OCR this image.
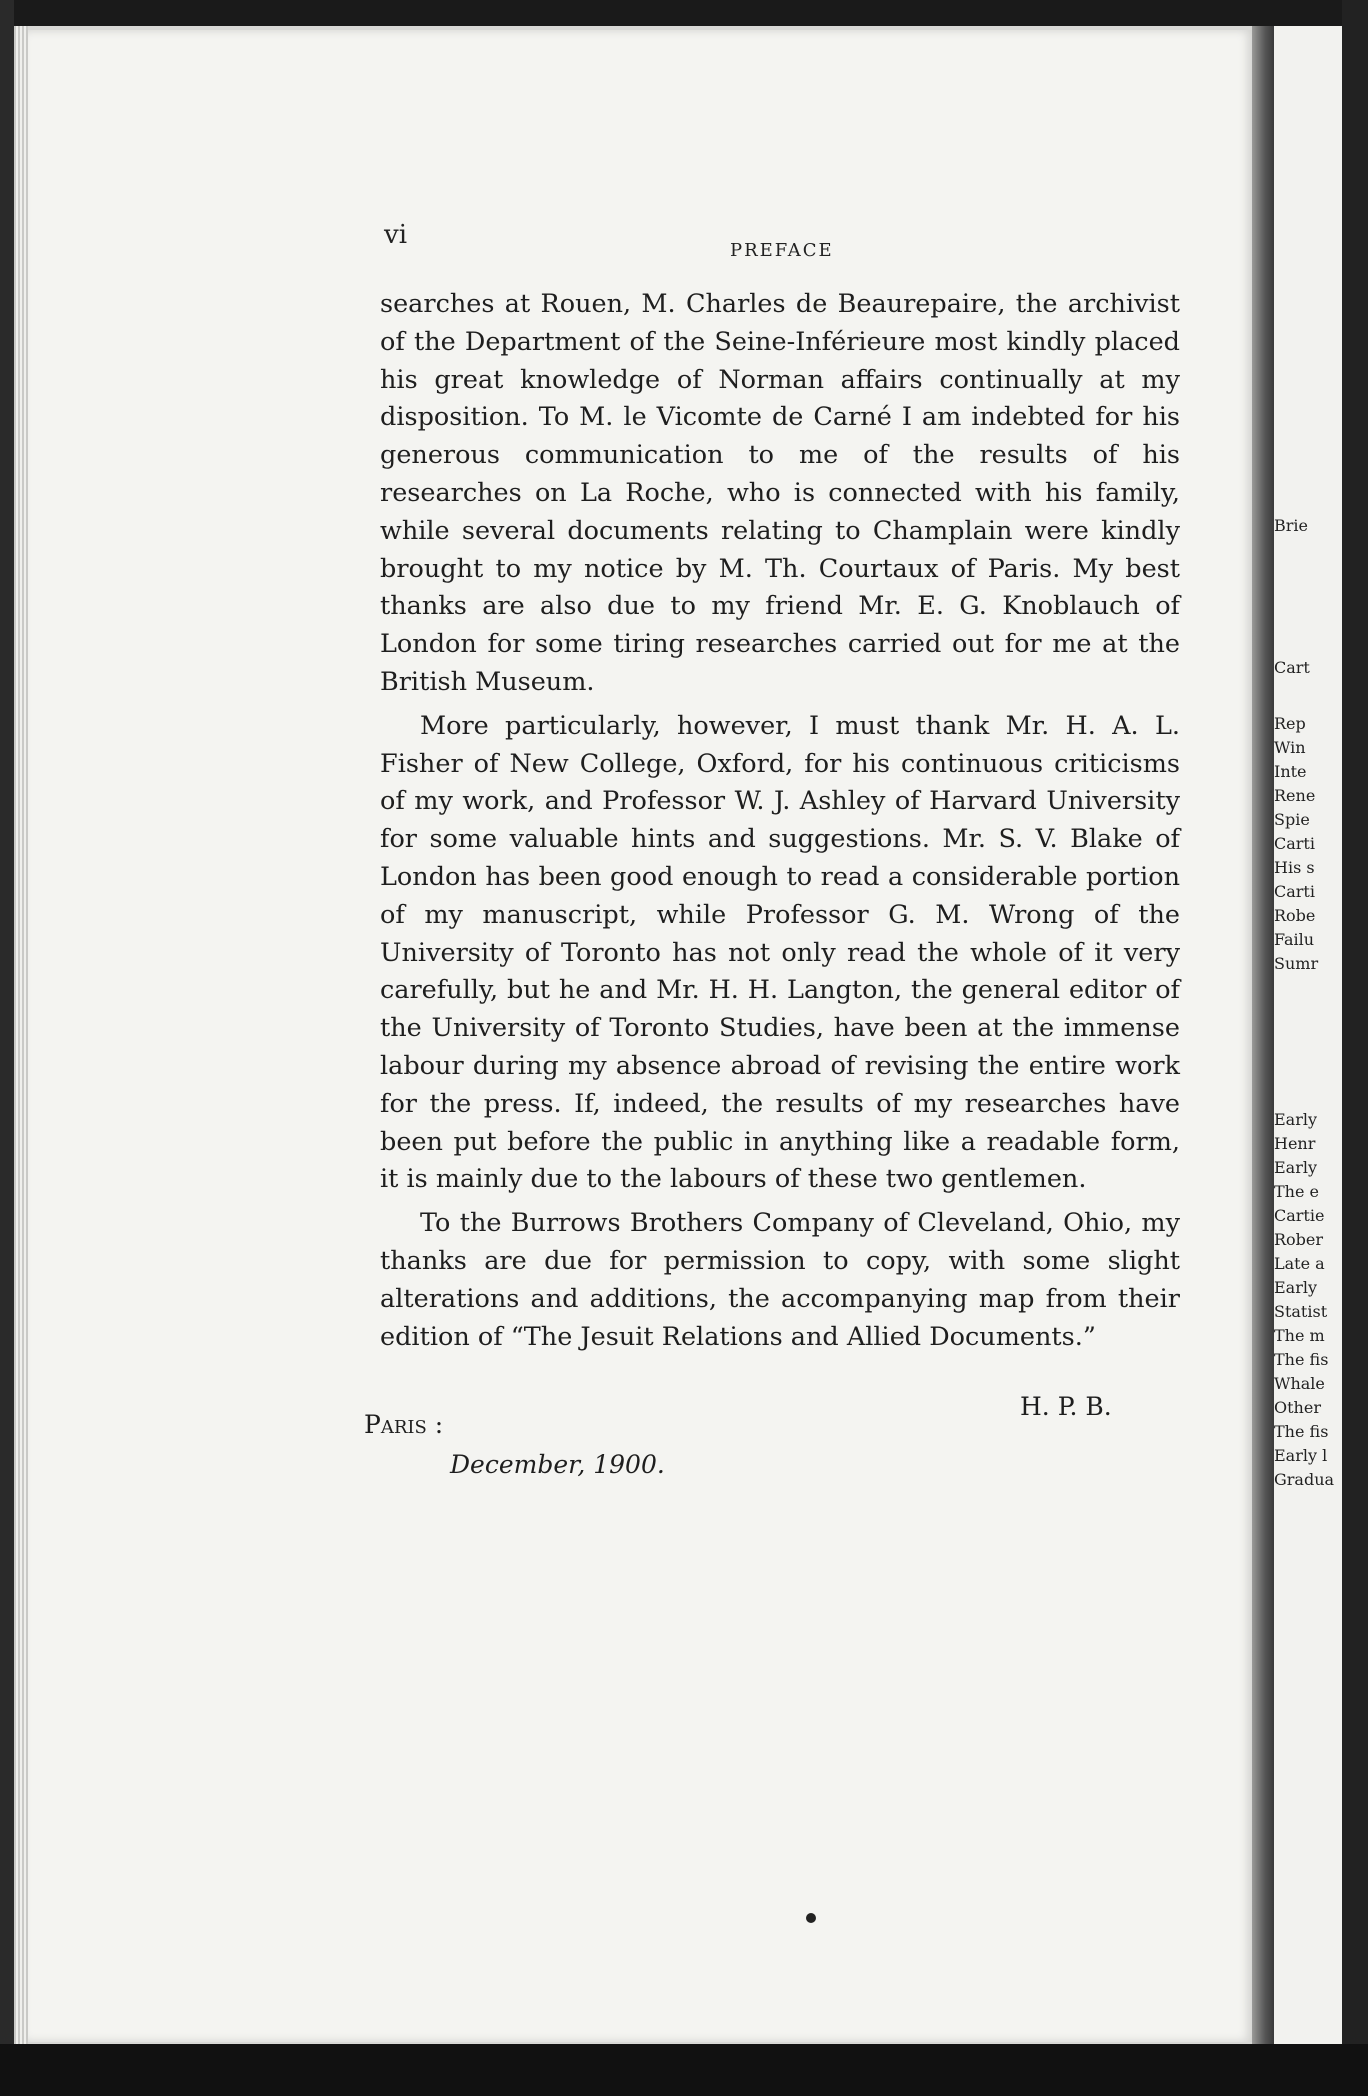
vi
PREFACE

searches at Rouen, M. Charles de Beaurepaire, the archivist of the Department of the Seine-Inférieure most kindly placed his great knowledge of Norman affairs continually at my disposition. To M. le Vicomte de Carné I am indebted for his generous communication to me of the results of his researches on La Roche, who is connected with his family, while several documents relating to Champlain were kindly brought to my notice by M. Th. Courtaux of Paris. My best thanks are also due to my friend Mr. E. G. Knoblauch of London for some tiring researches carried out for me at the British Museum.

More particularly, however, I must thank Mr. H. A. L. Fisher of New College, Oxford, for his continuous criticisms of my work, and Professor W. J. Ashley of Harvard University for some valuable hints and suggestions. Mr. S. V. Blake of London has been good enough to read a considerable portion of my manuscript, while Professor G. M. Wrong of the University of Toronto has not only read the whole of it very carefully, but he and Mr. H. H. Langton, the general editor of the University of Toronto Studies, have been at the immense labour during my absence abroad of revising the entire work for the press. If, indeed, the results of my researches have been put before the public in anything like a readable form, it is mainly due to the labours of these two gentlemen.

To the Burrows Brothers Company of Cleveland, Ohio, my thanks are due for permission to copy, with some slight alterations and additions, the accompanying map from their edition of “The Jesuit Relations and Allied Documents.”

H. P. B.
Paris :
December, 1900.
Brie
Cart
Rep
Win
Inte
Rene
Spie
Carti
His s
Carti
Robe
Failu
Sumr
Early
Henr
Early
The e
Cartie
Rober
Late a
Early
Statist
The m
The fis
Whale
Other
The fis
Early l
Gradua
